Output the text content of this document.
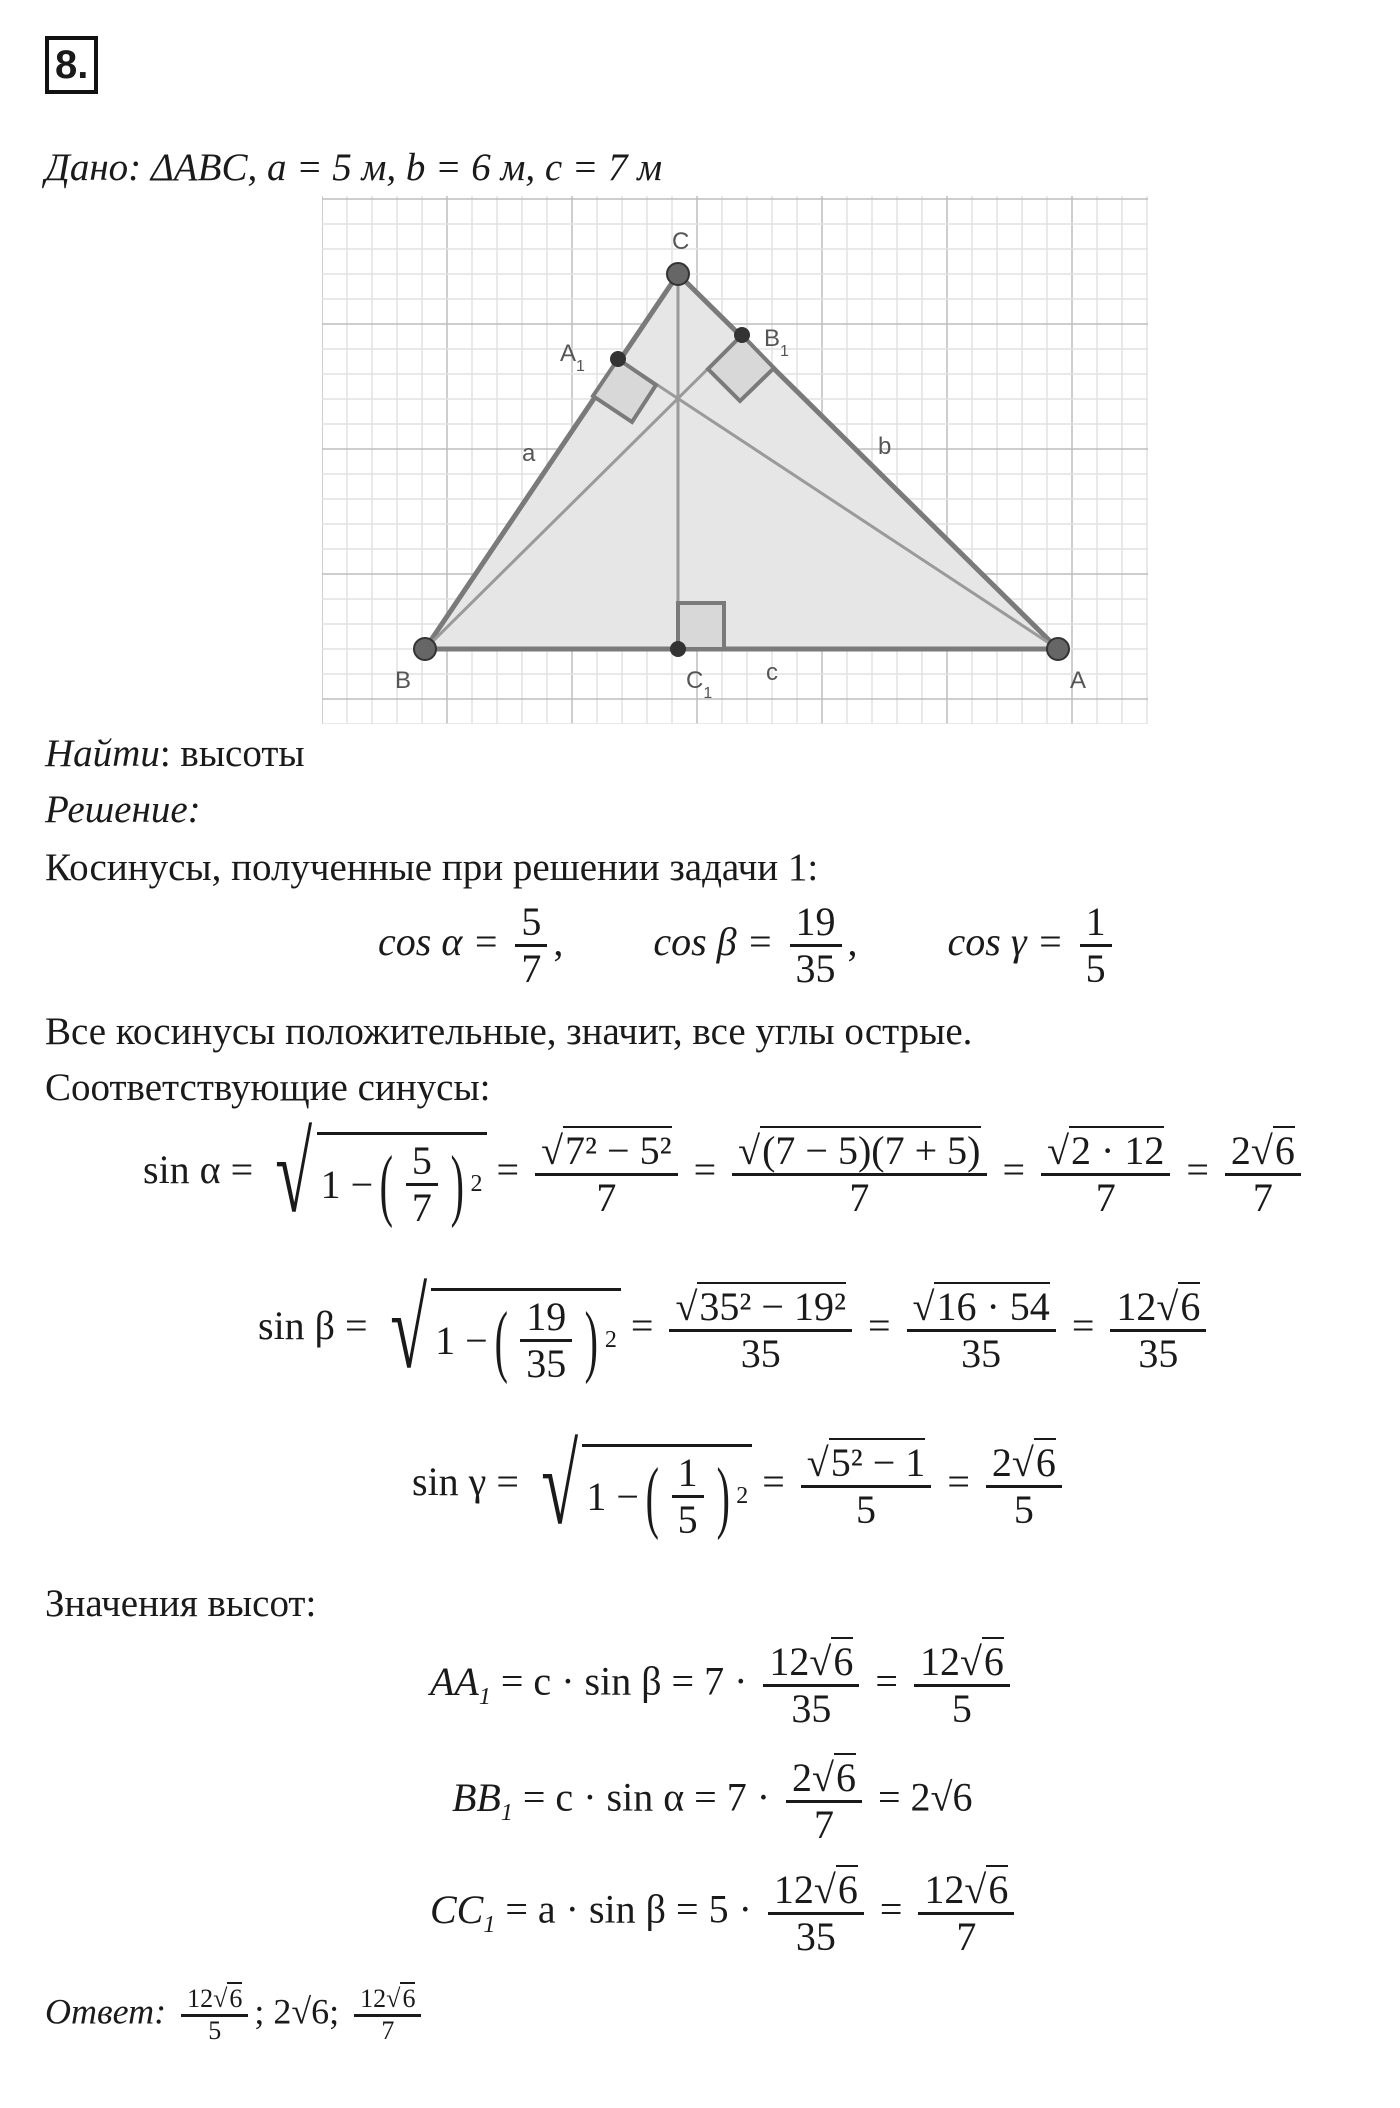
8.
Дано: ΔABC, a = 5 м, b = 6 м, c = 7 м
B	A
C
$C_1$
$A_1$
$B_1$
a	b
c
Найти: высоты
Решение:
Косинусы, полученные при решении задачи 1:
$\cos \alpha = \frac{5}{7}$ , $\cos \beta = \frac{19}{35}$ , $\cos \gamma = \frac{1}{5}$
Все косинусы положительные, значит, все углы острые.
Соответствующие синусы:
sin α = √ 1 − ( $\frac{5}{7}$ ) $2 = \frac{\text{√7² − 5²}}{7} = \frac{√(7 - 5)(7 + 5)}{7} = \frac{√2 \cdot 12}{7} = \frac{2√6}{7}$
sin β = √ 1 − ( $\frac{19}{35}$ ) $2 = \frac{\text{√35² − 19²}}{35} = \frac{√16 \cdot 54}{35} = \frac{12√6}{35}$
sin γ = √ 1 − ( $\frac{1}{5}$ ) $2 = \frac{\text{√5² − 1}}{5} = \frac{2√6}{5}$
Значения высот:
$AA_1 = c \cdot \sin \beta = 7 \cdot \frac{12√6}{35} = \frac{12√6}{5}$
$BB_1 = c \cdot \sin \alpha = 7 \cdot \frac{2√6}{7} = 2√6$
$CC_1 = a \cdot \sin \beta = 5 \cdot \frac{12√6}{35} = \frac{12√6}{7}$
Ответ: $\frac{12√6}{5}$ ; 2√6; $\frac{12√6}{7}$
